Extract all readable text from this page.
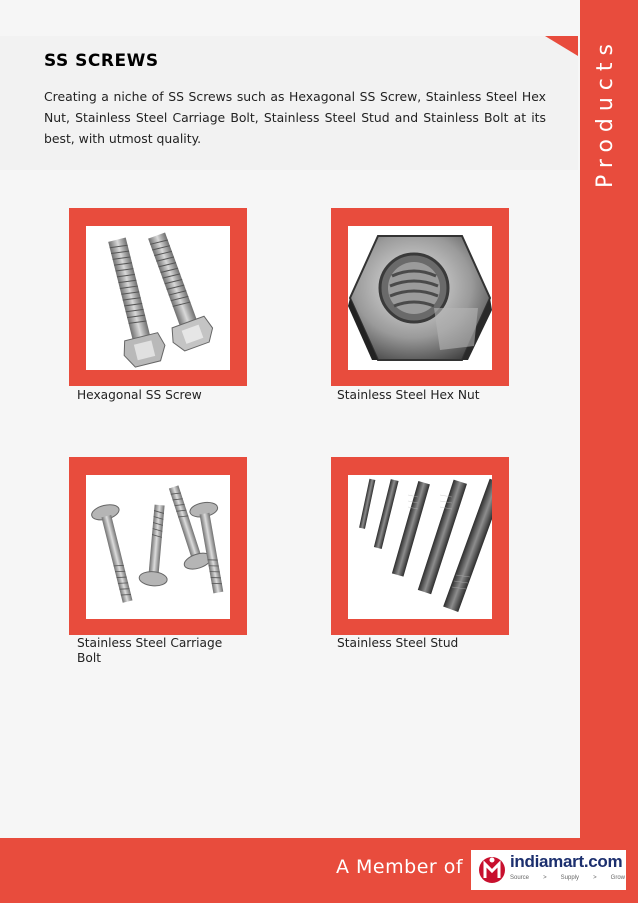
SS SCREWS
Creating a niche of SS Screws such as Hexagonal SS Screw, Stainless Steel Hex Nut, Stainless Steel Carriage Bolt, Stainless Steel Stud and Stainless Bolt at its best, with utmost quality.	Products
Hexagonal SS Screw	Stainless Steel Hex Nut
Stainless Steel Carriage Bolt
Stainless Steel Stud
A Member of	indiamart.com
Source > Supply > Grow
